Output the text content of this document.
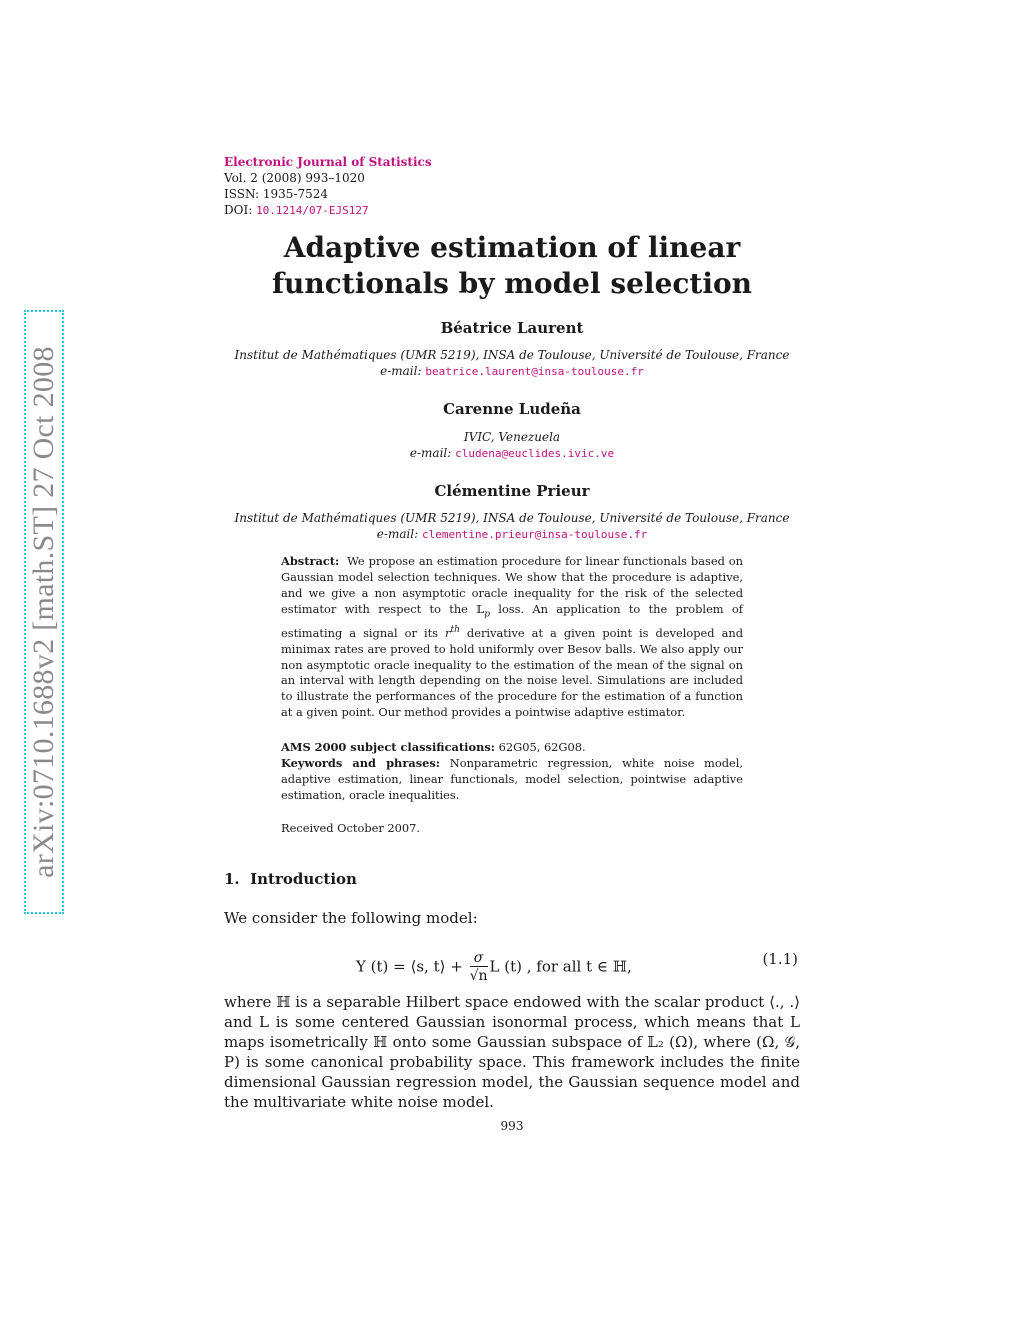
arXiv:0710.1688v2 [math.ST] 27 Oct 2008
Electronic Journal of Statistics
Vol. 2 (2008) 993–1020
ISSN: 1935-7524
DOI: 10.1214/07-EJS127
Adaptive estimation of linear
functionals by model selection
Béatrice Laurent
Institut de Mathématiques (UMR 5219), INSA de Toulouse, Université de Toulouse, France
e-mail: beatrice.laurent@insa-toulouse.fr
Carenne Ludeña
IVIC, Venezuela
e-mail: cludena@euclides.ivic.ve
Clémentine Prieur
Institut de Mathématiques (UMR 5219), INSA de Toulouse, Université de Toulouse, France
e-mail: clementine.prieur@insa-toulouse.fr
Abstract: We propose an estimation procedure for linear functionals based on Gaussian model selection techniques. We show that the procedure is adaptive, and we give a non asymptotic oracle inequality for the risk of the selected estimator with respect to the 𝕃$_p$ loss. An application to the problem of estimating a signal or its $r^{th}$ derivative at a given point is developed and minimax rates are proved to hold uniformly over Besov balls. We also apply our non asymptotic oracle inequality to the estimation of the mean of the signal on an interval with length depending on the noise level. Simulations are included to illustrate the performances of the procedure for the estimation of a function at a given point. Our method provides a pointwise adaptive estimator.
AMS 2000 subject classifications: 62G05, 62G08.
Keywords and phrases: Nonparametric regression, white noise model, adaptive estimation, linear functionals, model selection, pointwise adaptive estimation, oracle inequalities.
Received October 2007.
1. Introduction
We consider the following model:
Y (t) = ⟨s, t⟩ + $\frac{\sigma}{√n}$ L (t) , for all t ∈ ℍ,	(1.1)
where ℍ is a separable Hilbert space endowed with the scalar product ⟨., .⟩ and L is some centered Gaussian isonormal process, which means that L maps isometrically ℍ onto some Gaussian subspace of 𝕃₂ (Ω), where (Ω, 𝒢, P) is some canonical probability space. This framework includes the finite dimensional Gaussian regression model, the Gaussian sequence model and the multivariate white noise model.
993
